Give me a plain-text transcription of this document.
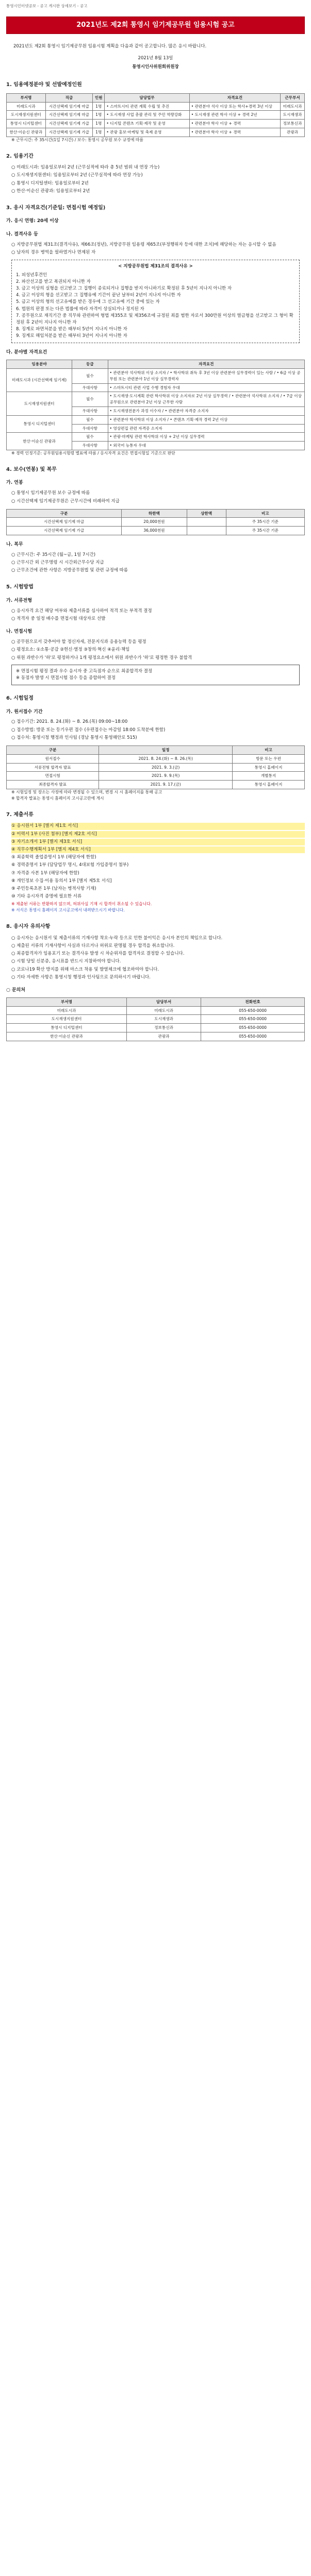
통영시인터넷공보 - 공고 게시판 상세보기 - 공고
2021년도 제2회 통영시 임기제공무원 임용시험 공고

2021년도 제2회 통영시 임기제공무원 임용시험 계획을 다음과 같이 공고합니다. 많은 응시 바랍니다.

2021년 8월 13일
통영시인사위원회위원장
1. 임용예정분야 및 선발예정인원
부서명	직급	인원	담당업무	자격요건	근무부서
미래도시과	시간선택제 임기제 마급	1명	• 스마트시티 관련 계획 수립 및 추진	• 관련분야 석사 이상 또는 학사+경력 3년 이상	미래도시과
도시재생지원센터	시간선택제 임기제 마급	1명	• 도시재생 사업 총괄 관리 및 주민 역량강화	• 도시재생 관련 학사 이상 + 경력 2년	도시재생과
통영시 디지털센터	시간선택제 임기제 가급	1명	• 디지털 콘텐츠 기획·제작 및 운영	• 관련분야 학사 이상 + 경력	정보통신과
한산·이순신 관광과	시간선택제 임기제 가급	1명	• 관광 홍보·마케팅 및 축제 운영	• 관련분야 학사 이상 + 경력	관광과

※ 근무시간: 주 35시간(1일 7시간) / 보수: 통영시 공무원 보수 규정에 따름

2. 임용기간

○ 미래도시과: 임용일로부터 2년 (근무실적에 따라 총 5년 범위 내 연장 가능)

○ 도시재생지원센터: 임용일로부터 2년 (근무실적에 따라 연장 가능)

○ 통영시 디지털센터: 임용일로부터 2년

○ 한산·이순신 관광과: 임용일로부터 2년

3. 응시 자격요건(기준일: 면접시험 예정일)
가. 응시 연령: 20세 이상
나. 결격사유 등

○ 지방공무원법 제31조(결격사유), 제66조(정년), 지방공무원 임용령 제65조(부정행위자 등에 대한 조치)에 해당하는 자는 응시할 수 없음

○ 남자의 경우 병역을 필하였거나 면제된 자

< 지방공무원법 제31조의 결격사유 >

1. 피성년후견인

2. 파산선고를 받고 복권되지 아니한 자

3. 금고 이상의 실형을 선고받고 그 집행이 종료되거나 집행을 받지 아니하기로 확정된 후 5년이 지나지 아니한 자

4. 금고 이상의 형을 선고받고 그 집행유예 기간이 끝난 날부터 2년이 지나지 아니한 자

5. 금고 이상의 형의 선고유예를 받은 경우에 그 선고유예 기간 중에 있는 자

6. 법원의 판결 또는 다른 법률에 따라 자격이 상실되거나 정지된 자

7. 공무원으로 재직기간 중 직무와 관련하여 형법 제355조 및 제356조에 규정된 죄를 범한 자로서 300만원 이상의 벌금형을 선고받고 그 형이 확정된 후 2년이 지나지 아니한 자

8. 징계로 파면처분을 받은 때부터 5년이 지나지 아니한 자

9. 징계로 해임처분을 받은 때부터 3년이 지나지 아니한 자

다. 분야별 자격요건
임용분야	등급	자격요건
미래도시과 (시간선택제 임기제)	필수	• 관련분야 석사학위 이상 소지자 / • 학사학위 취득 후 3년 이상 관련분야 실무경력이 있는 사람 / • 6급 이상 공무원 또는 관련분야 1년 이상 실무경력자
	우대사항	• 스마트시티 관련 사업 수행 경험자 우대
도시재생지원센터	필수	• 도시재생·도시계획 관련 학사학위 이상 소지자로 2년 이상 실무경력 / • 관련분야 석사학위 소지자 / • 7급 이상 공무원으로 관련분야 2년 이상 근무한 사람
	우대사항	• 도시재생전문가 과정 이수자 / • 관련분야 자격증 소지자
통영시 디지털센터	필수	• 관련분야 학사학위 이상 소지자 / • 콘텐츠 기획·제작 경력 2년 이상
	우대사항	• 영상편집 관련 자격증 소지자
한산·이순신 관광과	필수	• 관광·마케팅 관련 학사학위 이상 + 2년 이상 실무경력
	우대사항	• 외국어 능통자 우대

※ 경력 인정기준: 공무원임용시험령 별표에 따름 / 응시자격 요건은 면접시험일 기준으로 판단

4. 보수(연봉) 및 복무
가. 연봉

○ 통영시 임기제공무원 보수 규정에 따름

○ 시간선택제 임기제공무원은 근무시간에 비례하여 지급

구분	하한액	상한액	비고
시간선택제 임기제 마급	20,000천원		주 35시간 기준
시간선택제 임기제 가급	36,000천원		주 35시간 기준
나. 복무

○ 근무시간: 주 35시간 (월~금, 1일 7시간)

○ 근무시간 외 근무명령 시 시간외근무수당 지급

○ 근무조건에 관한 사항은 지방공무원법 및 관련 규정에 따름

5. 시험방법
가. 서류전형

○ 응시자격 요건 해당 여부와 제출서류를 심사하여 적격 또는 부적격 결정

○ 적격자 중 일정 배수를 면접시험 대상자로 선발

나. 면접시험

○ 공무원으로서 갖추어야 할 정신자세, 전문지식과 응용능력 등을 평정

○ 평정요소: ①소통·공감 ②헌신·열정 ③창의·혁신 ④윤리·책임

○ 위원 과반수가 '하'로 평정하거나 1개 평정요소에서 위원 과반수가 '하'로 평정한 경우 불합격

※ 면접시험 평정 결과 우수 응시자 중 고득점자 순으로 최종합격자 결정

※ 동점자 발생 시 면접시험 점수 등을 종합하여 결정

6. 시험일정
가. 원서접수 기간

○ 접수기간: 2021. 8. 24.(화) ~ 8. 26.(목) 09:00~18:00

○ 접수방법: 방문 또는 등기우편 접수 (우편접수는 마감일 18:00 도착분에 한함)

○ 접수처: 통영시청 행정과 인사팀 (경남 통영시 통영해안로 515)

구분	일정	비고
원서접수	2021. 8. 24.(화) ~ 8. 26.(목)	방문 또는 우편
서류전형 합격자 발표	2021. 9. 3.(금)	통영시 홈페이지
면접시험	2021. 9. 9.(목)	개별통지
최종합격자 발표	2021. 9. 17.(금)	통영시 홈페이지

※ 시험일정 및 장소는 사정에 따라 변경될 수 있으며, 변경 시 시 홈페이지를 통해 공고

※ 합격자 발표는 통영시 홈페이지 고시공고란에 게시

7. 제출서류

① 응시원서 1부 [별지 제1호 서식]

② 이력서 1부 (사진 첨부) [별지 제2호 서식]

③ 자기소개서 1부 [별지 제3호 서식]

④ 직무수행계획서 1부 [별지 제4호 서식]

⑤ 최종학력 졸업증명서 1부 (해당자에 한함)

⑥ 경력증명서 1부 (담당업무 명시, 4대보험 가입증명서 첨부)

⑦ 자격증 사본 1부 (해당자에 한함)

⑧ 개인정보 수집·이용 동의서 1부 [별지 제5호 서식]

⑨ 주민등록초본 1부 (남자는 병적사항 기재)

⑩ 기타 응시자격 증명에 필요한 서류

※ 제출된 서류는 반환하지 않으며, 허위사실 기재 시 합격이 취소될 수 있습니다.

※ 서식은 통영시 홈페이지 고시공고에서 내려받으시기 바랍니다.

8. 응시자 유의사항

○ 응시자는 응시원서 및 제출서류의 기재사항 착오·누락 등으로 인한 불이익은 응시자 본인의 책임으로 합니다.

○ 제출된 서류의 기재사항이 사실과 다르거나 허위로 판명될 경우 합격을 취소합니다.

○ 최종합격자가 임용포기 또는 결격사유 발생 시 차순위자를 합격자로 결정할 수 있습니다.

○ 시험 당일 신분증, 응시표를 반드시 지참하여야 합니다.

○ 코로나19 확산 방지를 위해 마스크 착용 및 발열체크에 협조하여야 합니다.

○ 기타 자세한 사항은 통영시청 행정과 인사팀으로 문의하시기 바랍니다.

○ 문의처
부서명	담당부서	전화번호
미래도시과	미래도시과	055-650-0000
도시재생지원센터	도시재생과	055-650-0000
통영시 디지털센터	정보통신과	055-650-0000
한산·이순신 관광과	관광과	055-650-0000
